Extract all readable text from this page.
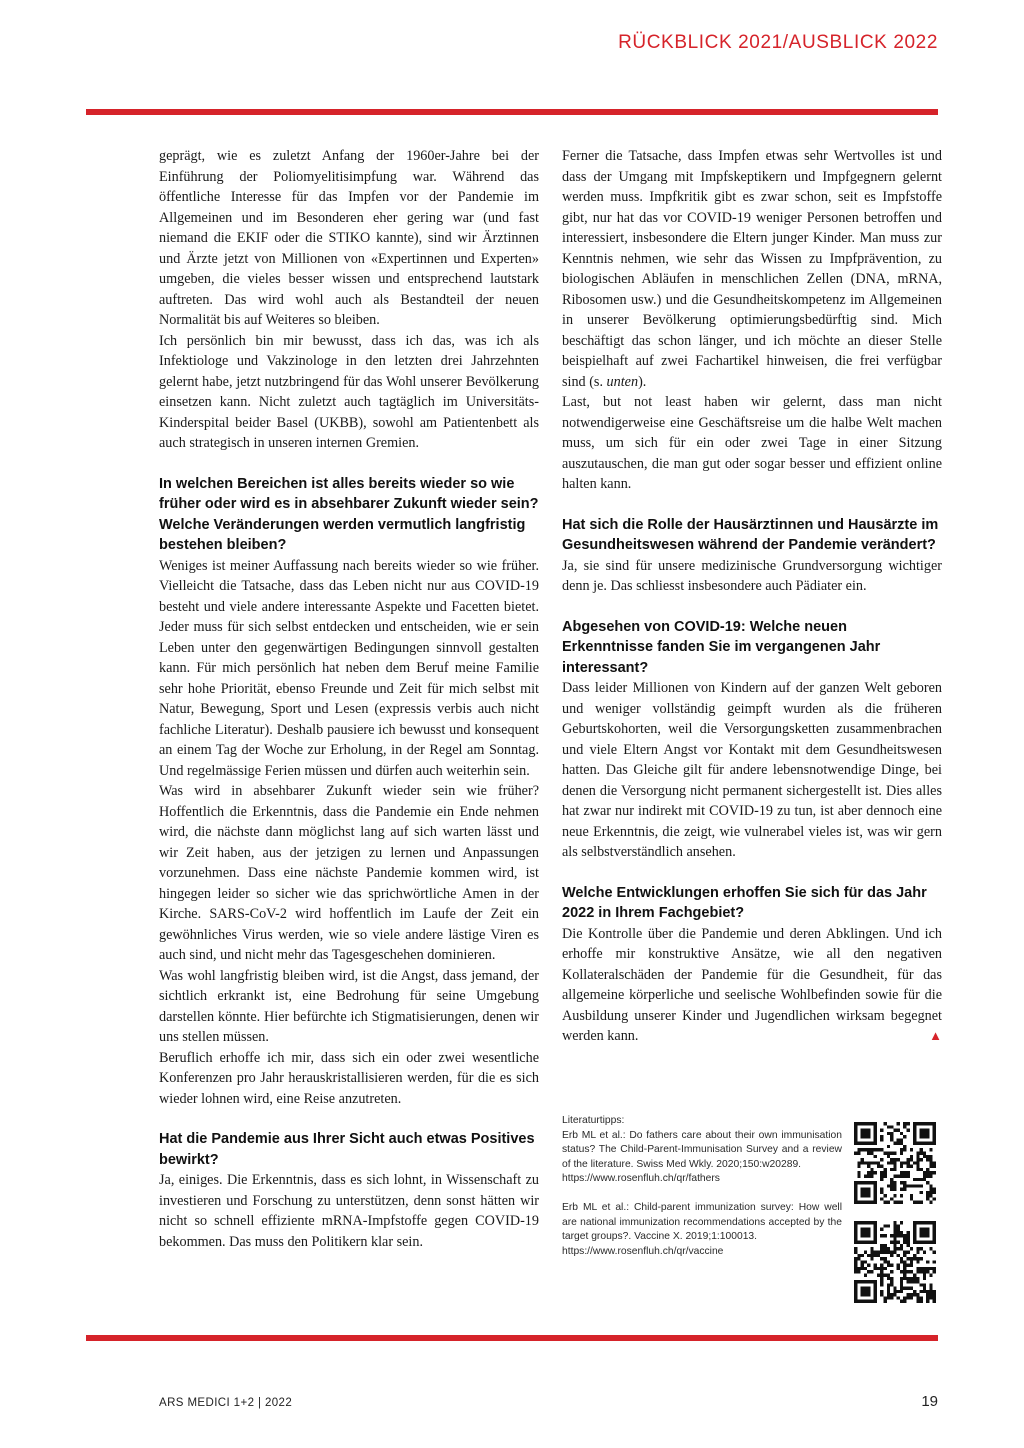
RÜCKBLICK 2021/AUSBLICK 2022

geprägt, wie es zuletzt Anfang der 1960er-Jahre bei der Einführung der Poliomyelitisimpfung war. Während das öffentliche Interesse für das Impfen vor der Pandemie im Allgemeinen und im Besonderen eher gering war (und fast niemand die EKIF oder die STIKO kannte), sind wir Ärztinnen und Ärzte jetzt von Millionen von «Expertinnen und Experten» umgeben, die vieles besser wissen und entsprechend lautstark auftreten. Das wird wohl auch als Bestandteil der neuen Normalität bis auf Weiteres so bleiben.

Ich persönlich bin mir bewusst, dass ich das, was ich als Infektiologe und Vakzinologe in den letzten drei Jahrzehnten gelernt habe, jetzt nutzbringend für das Wohl unserer Bevölkerung einsetzen kann. Nicht zuletzt auch tagtäglich im Universitäts-Kinderspital beider Basel (UKBB), sowohl am Patientenbett als auch strategisch in unseren internen Gremien.

In welchen Bereichen ist alles bereits wieder so wie früher oder wird es in absehbarer Zukunft wieder sein? Welche Veränderungen werden vermutlich langfristig bestehen bleiben?

Weniges ist meiner Auffassung nach bereits wieder so wie früher. Vielleicht die Tatsache, dass das Leben nicht nur aus COVID-19 besteht und viele andere interessante Aspekte und Facetten bietet. Jeder muss für sich selbst entdecken und entscheiden, wie er sein Leben unter den gegenwärtigen Bedingungen sinnvoll gestalten kann. Für mich persönlich hat neben dem Beruf meine Familie sehr hohe Priorität, ebenso Freunde und Zeit für mich selbst mit Natur, Bewegung, Sport und Lesen (expressis verbis auch nicht fachliche Literatur). Deshalb pausiere ich bewusst und konsequent an einem Tag der Woche zur Erholung, in der Regel am Sonntag. Und regelmässige Ferien müssen und dürfen auch weiterhin sein.

Was wird in absehbarer Zukunft wieder sein wie früher? Hoffentlich die Erkenntnis, dass die Pandemie ein Ende nehmen wird, die nächste dann möglichst lang auf sich warten lässt und wir Zeit haben, aus der jetzigen zu lernen und Anpassungen vorzunehmen. Dass eine nächste Pandemie kommen wird, ist hingegen leider so sicher wie das sprichwörtliche Amen in der Kirche. SARS-CoV-2 wird hoffentlich im Laufe der Zeit ein gewöhnliches Virus werden, wie so viele andere lästige Viren es auch sind, und nicht mehr das Tagesgeschehen dominieren.

Was wohl langfristig bleiben wird, ist die Angst, dass jemand, der sichtlich erkrankt ist, eine Bedrohung für seine Umgebung darstellen könnte. Hier befürchte ich Stigmatisierungen, denen wir uns stellen müssen.

Beruflich erhoffe ich mir, dass sich ein oder zwei wesentliche Konferenzen pro Jahr herauskristallisieren werden, für die es sich wieder lohnen wird, eine Reise anzutreten.

Hat die Pandemie aus Ihrer Sicht auch etwas Positives bewirkt?

Ja, einiges. Die Erkenntnis, dass es sich lohnt, in Wissenschaft zu investieren und Forschung zu unterstützen, denn sonst hätten wir nicht so schnell effiziente mRNA-Impfstoffe gegen COVID-19 bekommen. Das muss den Politikern klar sein.

Ferner die Tatsache, dass Impfen etwas sehr Wertvolles ist und dass der Umgang mit Impfskeptikern und Impfgegnern gelernt werden muss. Impfkritik gibt es zwar schon, seit es Impfstoffe gibt, nur hat das vor COVID-19 weniger Personen betroffen und interessiert, insbesondere die Eltern junger Kinder. Man muss zur Kenntnis nehmen, wie sehr das Wissen zu Impfprävention, zu biologischen Abläufen in menschlichen Zellen (DNA, mRNA, Ribosomen usw.) und die Gesundheitskompetenz im Allgemeinen in unserer Bevölkerung optimierungsbedürftig sind. Mich beschäftigt das schon länger, und ich möchte an dieser Stelle beispielhaft auf zwei Fachartikel hinweisen, die frei verfügbar sind (s. unten).

Last, but not least haben wir gelernt, dass man nicht notwendigerweise eine Geschäftsreise um die halbe Welt machen muss, um sich für ein oder zwei Tage in einer Sitzung auszutauschen, die man gut oder sogar besser und effizient online halten kann.

Hat sich die Rolle der Hausärztinnen und Hausärzte im Gesundheitswesen während der Pandemie verändert?

Ja, sie sind für unsere medizinische Grundversorgung wichtiger denn je. Das schliesst insbesondere auch Pädiater ein.

Abgesehen von COVID-19: Welche neuen Erkenntnisse fanden Sie im vergangenen Jahr interessant?

Dass leider Millionen von Kindern auf der ganzen Welt geboren und weniger vollständig geimpft wurden als die früheren Geburtskohorten, weil die Versorgungsketten zusammenbrachen und viele Eltern Angst vor Kontakt mit dem Gesundheitswesen hatten. Das Gleiche gilt für andere lebensnotwendige Dinge, bei denen die Versorgung nicht permanent sichergestellt ist. Dies alles hat zwar nur indirekt mit COVID-19 zu tun, ist aber dennoch eine neue Erkenntnis, die zeigt, wie vulnerabel vieles ist, was wir gern als selbstverständlich ansehen.

Welche Entwicklungen erhoffen Sie sich für das Jahr 2022 in Ihrem Fachgebiet?

Die Kontrolle über die Pandemie und deren Abklingen. Und ich erhoffe mir konstruktive Ansätze, wie all den negativen Kollateralschäden der Pandemie für die Gesundheit, für das allgemeine körperliche und seelische Wohlbefinden sowie für die Ausbildung unserer Kinder und Jugendlichen wirksam begegnet werden kann.	▲

Literaturtipps:

Erb ML et al.: Do fathers care about their own immunisation status? The Child-Parent-Immunisation Survey and a review of the literature. Swiss Med Wkly. 2020;150:w20289.

https://www.rosenfluh.ch/qr/fathers

Erb ML et al.: Child-parent immunization survey: How well are national immunization recommendations accepted by the target groups?. Vaccine X. 2019;1:100013.

https://www.rosenfluh.ch/qr/vaccine

ARS MEDICI 1+2 | 2022	19
